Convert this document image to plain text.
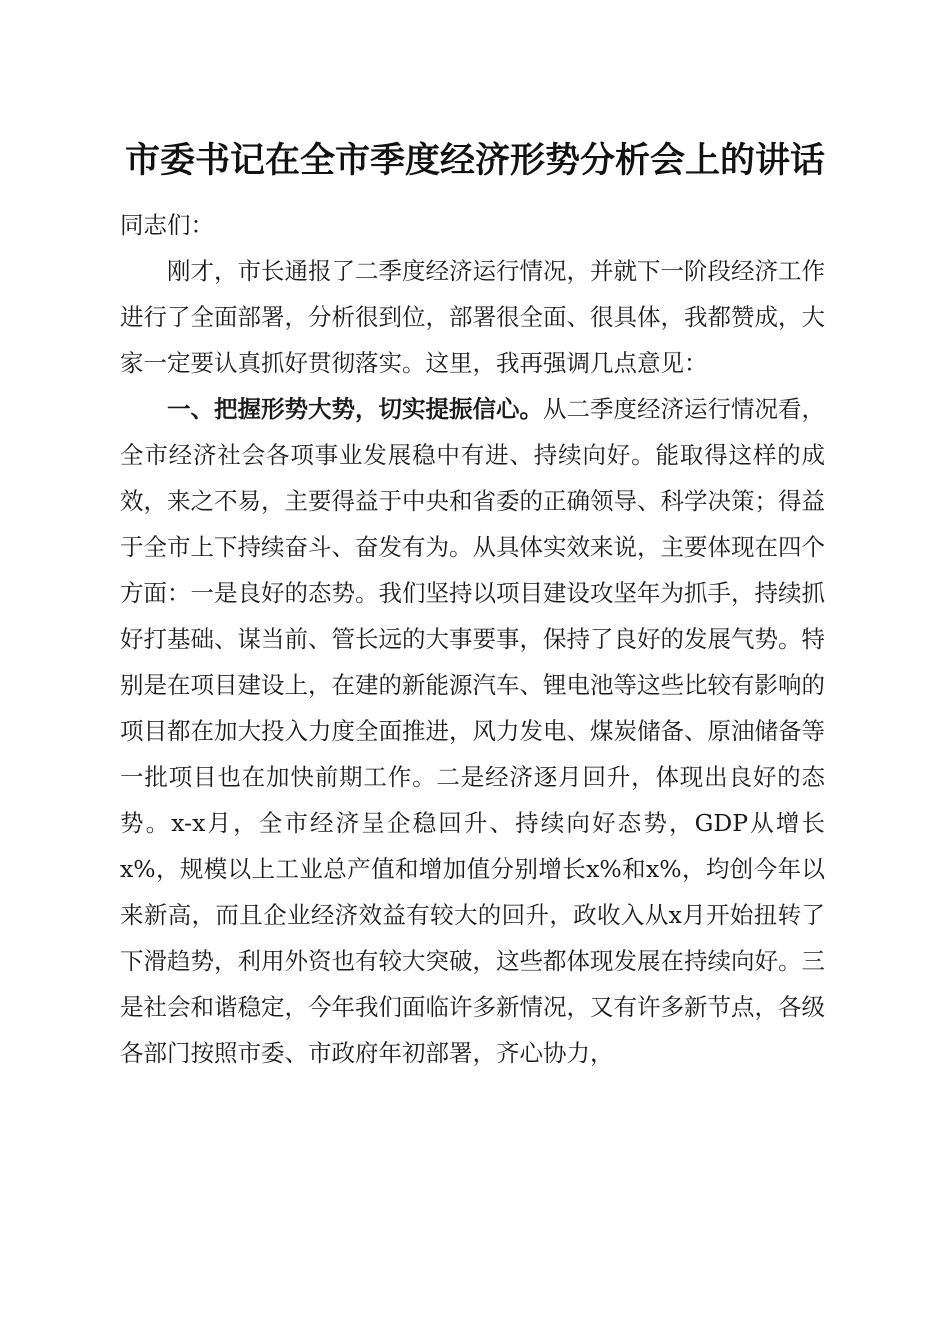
市委书记在全市季度经济形势分析会上的讲话

同志们：

刚才，市长通报了二季度经济运行情况，并就下一阶段经济工作进行了全面部署，分析很到位，部署很全面、很具体，我都赞成，大家一定要认真抓好贯彻落实。这里，我再强调几点意见：

一、把握形势大势，切实提振信心。从二季度经济运行情况看，全市经济社会各项事业发展稳中有进、持续向好。能取得这样的成效，来之不易，主要得益于中央和省委的正确领导、科学决策；得益于全市上下持续奋斗、奋发有为。从具体实效来说，主要体现在四个方面：一是良好的态势。我们坚持以项目建设攻坚年为抓手，持续抓好打基础、谋当前、管长远的大事要事，保持了良好的发展气势。特别是在项目建设上，在建的新能源汽车、锂电池等这些比较有影响的项目都在加大投入力度全面推进，风力发电、煤炭储备、原油储备等一批项目也在加快前期工作。二是经济逐月回升，体现出良好的态势。x-x月，全市经济呈企稳回升、持续向好态势，GDP从增长x%，规模以上工业总产值和增加值分别增长x%和x%，均创今年以来新高，而且企业经济效益有较大的回升，政收入从x月开始扭转了下滑趋势，利用外资也有较大突破，这些都体现发展在持续向好。三是社会和谐稳定，今年我们面临许多新情况，又有许多新节点，各级各部门按照市委、市政府年初部署，齐心协力，
